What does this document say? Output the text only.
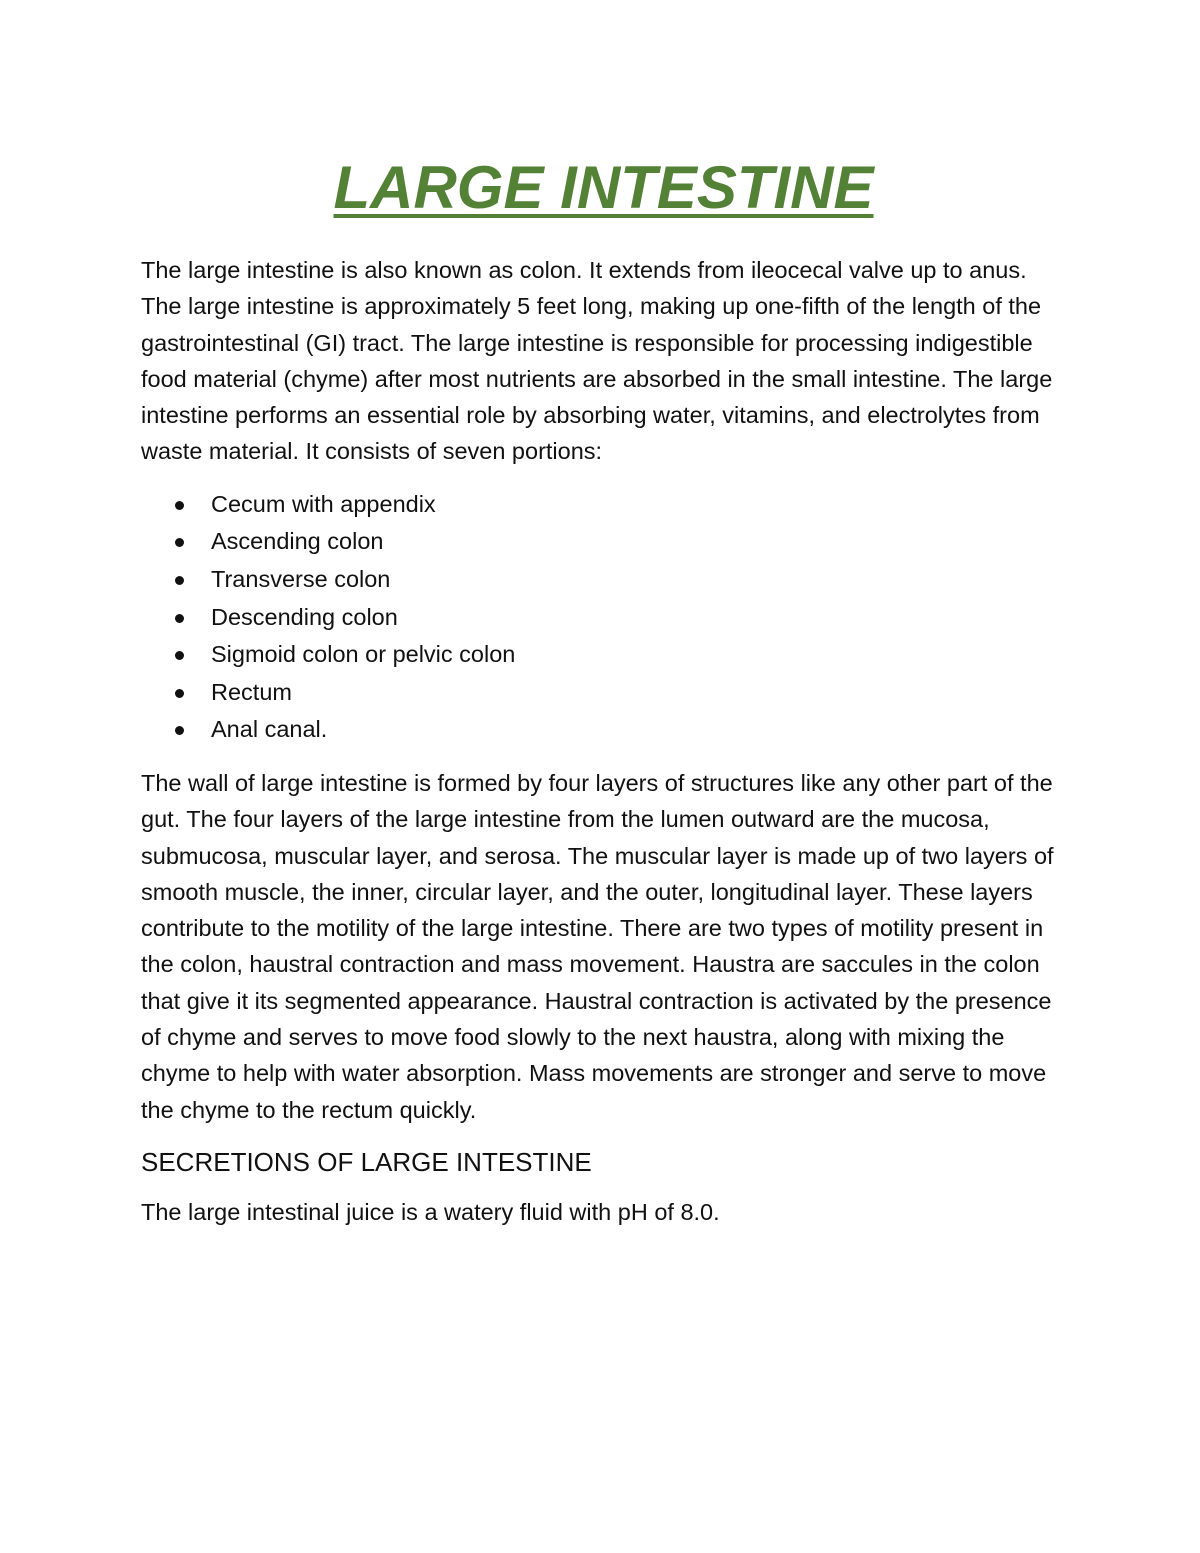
LARGE INTESTINE

The large intestine is also known as colon. It extends from ileocecal valve up to anus. The large intestine is approximately 5 feet long, making up one-fifth of the length of the gastrointestinal (GI) tract. The large intestine is responsible for processing indigestible food material (chyme) after most nutrients are absorbed in the small intestine. The large intestine performs an essential role by absorbing water, vitamins, and electrolytes from waste material. It consists of seven portions:

Cecum with appendix
Ascending colon
Transverse colon
Descending colon
Sigmoid colon or pelvic colon
Rectum
Anal canal.

The wall of large intestine is formed by four layers of structures like any other part of the gut. The four layers of the large intestine from the lumen outward are the mucosa, submucosa, muscular layer, and serosa. The muscular layer is made up of two layers of smooth muscle, the inner, circular layer, and the outer, longitudinal layer. These layers contribute to the motility of the large intestine. There are two types of motility present in the colon, haustral contraction and mass movement. Haustra are saccules in the colon that give it its segmented appearance. Haustral contraction is activated by the presence of chyme and serves to move food slowly to the next haustra, along with mixing the chyme to help with water absorption. Mass movements are stronger and serve to move the chyme to the rectum quickly.

SECRETIONS OF LARGE INTESTINE

The large intestinal juice is a watery fluid with pH of 8.0.
